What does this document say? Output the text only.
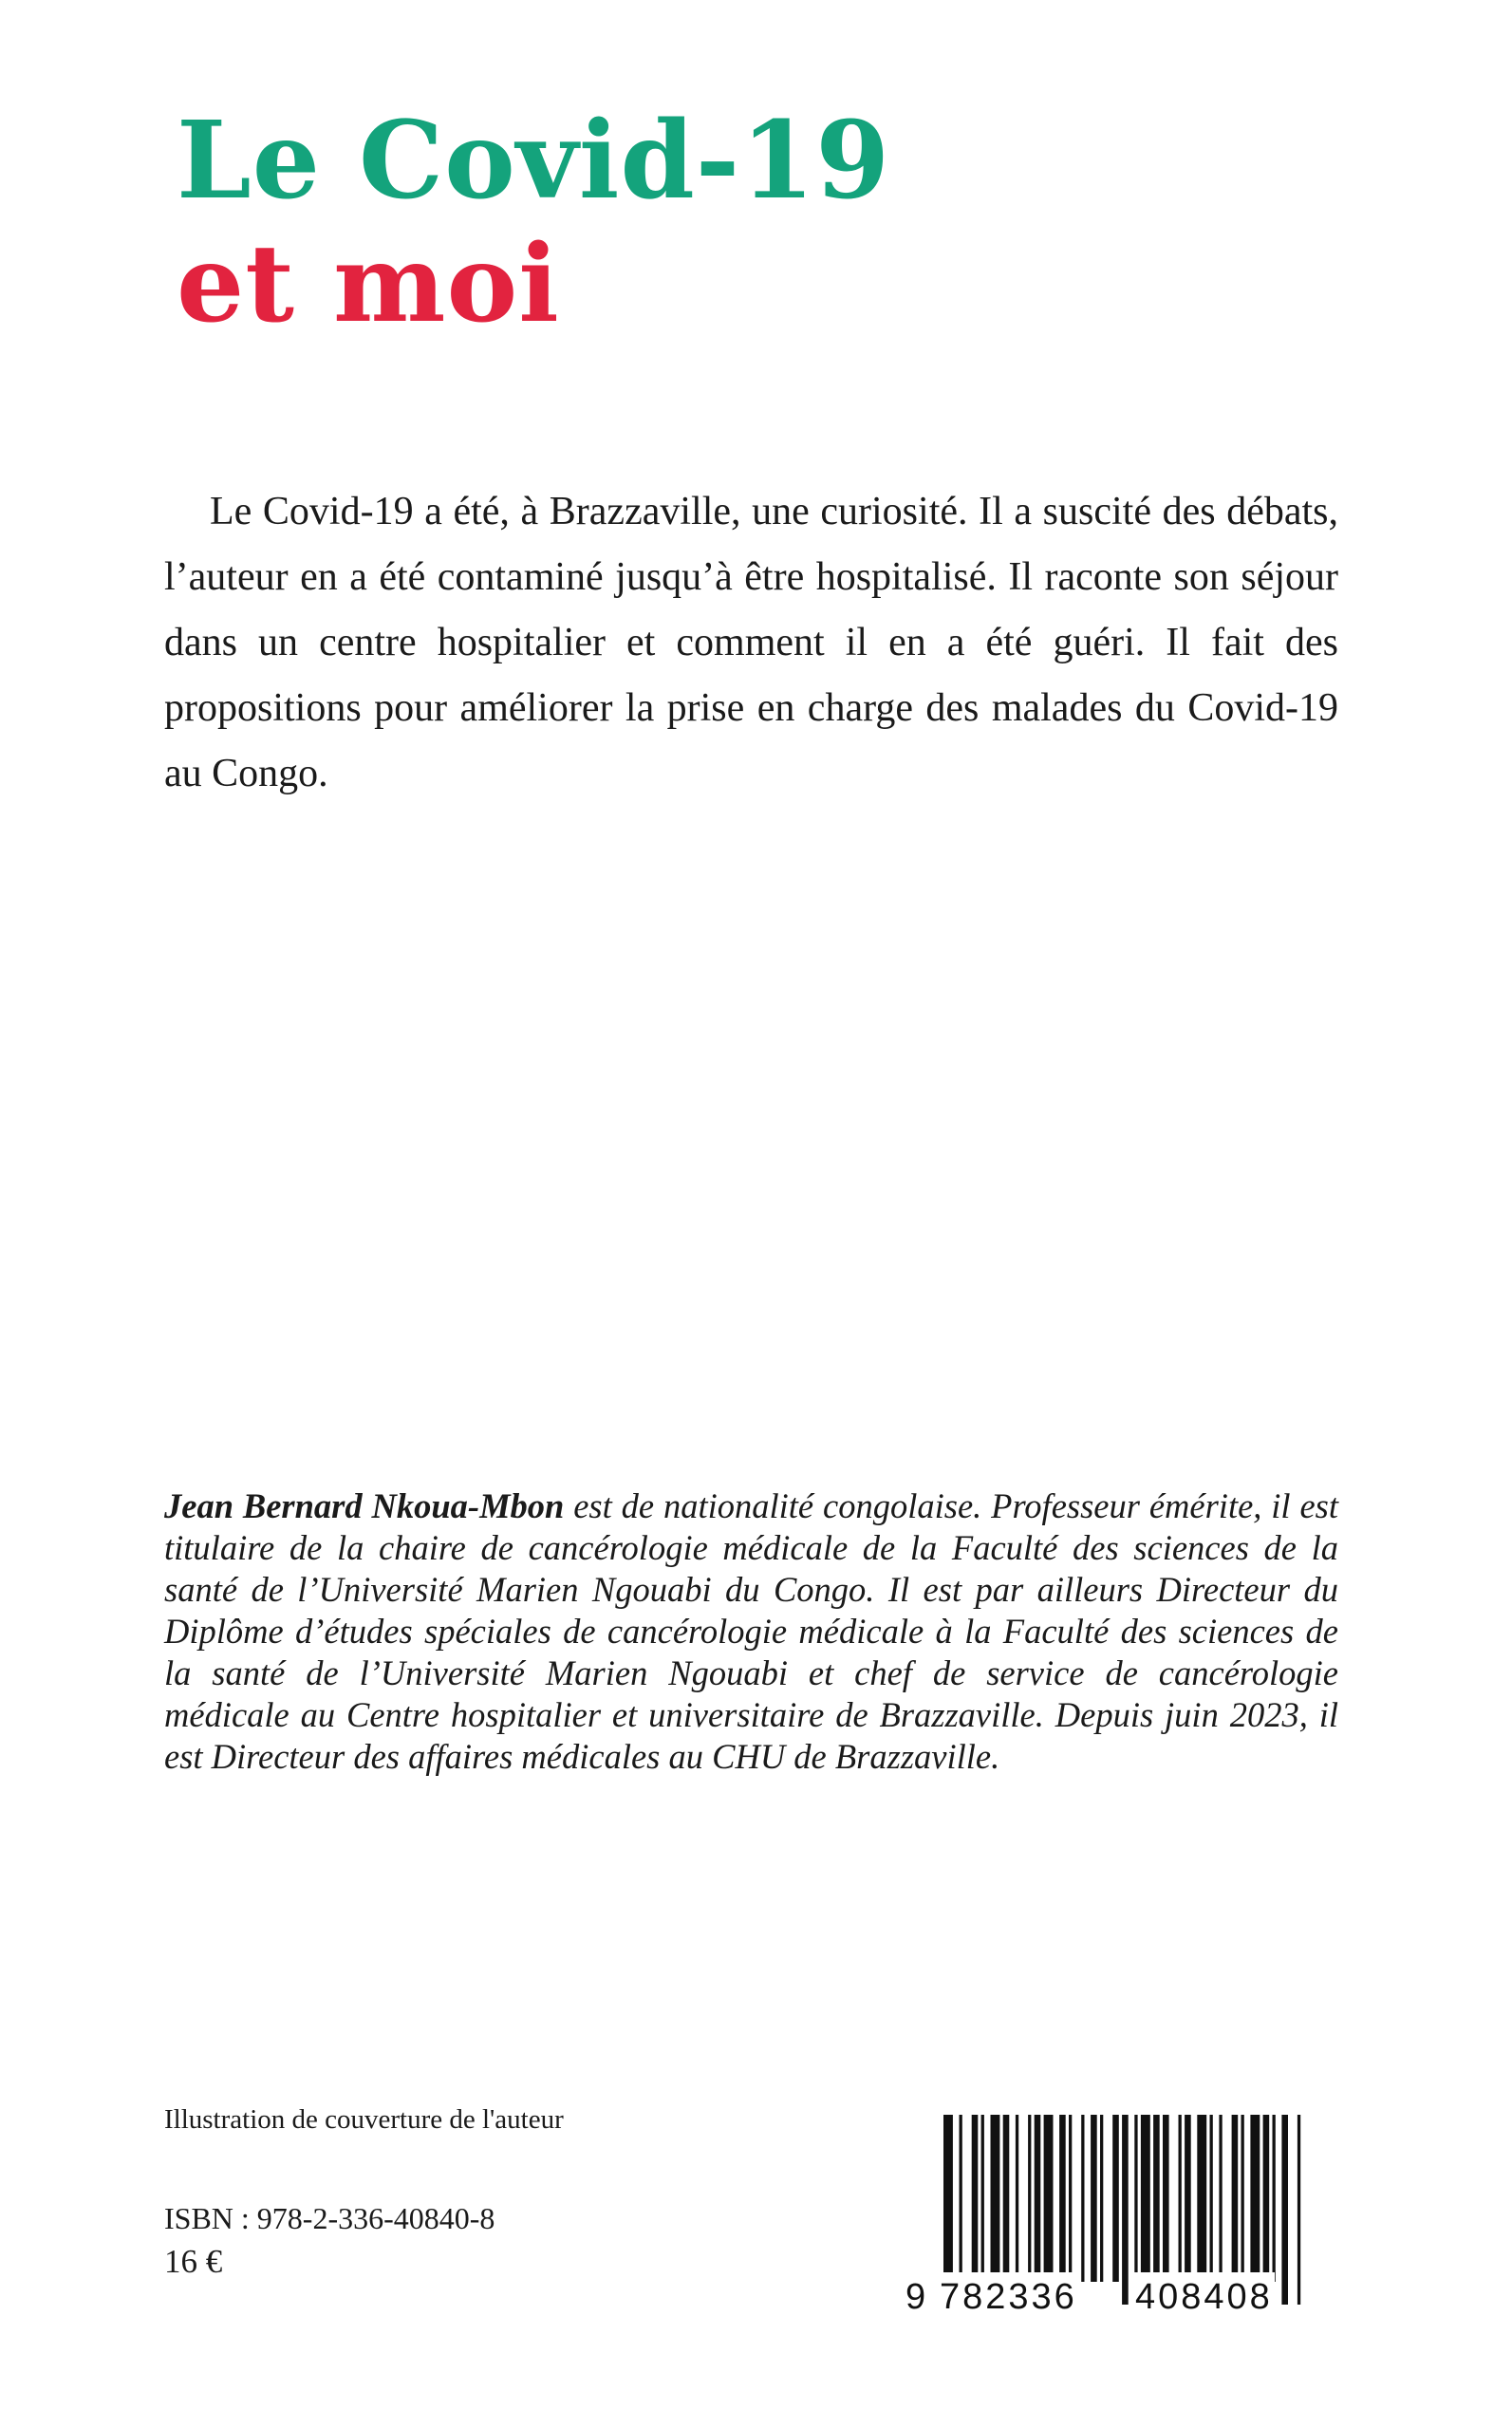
Le Covid-19
et moi

Le Covid-19 a été, à Brazzaville, une curiosité. Il a suscité des débats, l’auteur en a été contaminé jusqu’à être hospitalisé. Il raconte son séjour dans un centre hospitalier et comment il en a été guéri. Il fait des propositions pour améliorer la prise en charge des malades du Covid-19 au Congo.

Jean Bernard Nkoua-Mbon est de nationalité congolaise. Professeur émérite, il est titulaire de la chaire de cancérologie médicale de la Faculté des sciences de la santé de l’Université Marien Ngouabi du Congo. Il est par ailleurs Directeur du Diplôme d’études spéciales de cancérologie médicale à la Faculté des sciences de la santé de l’Université Marien Ngouabi et chef de service de cancérologie médicale au Centre hospitalier et universitaire de Brazzaville. Depuis juin 2023, il est Directeur des affaires médicales au CHU de Brazzaville.

Illustration de couverture de l'auteur

ISBN : 978-2-336-40840-8

16 €

9 782336 408408
